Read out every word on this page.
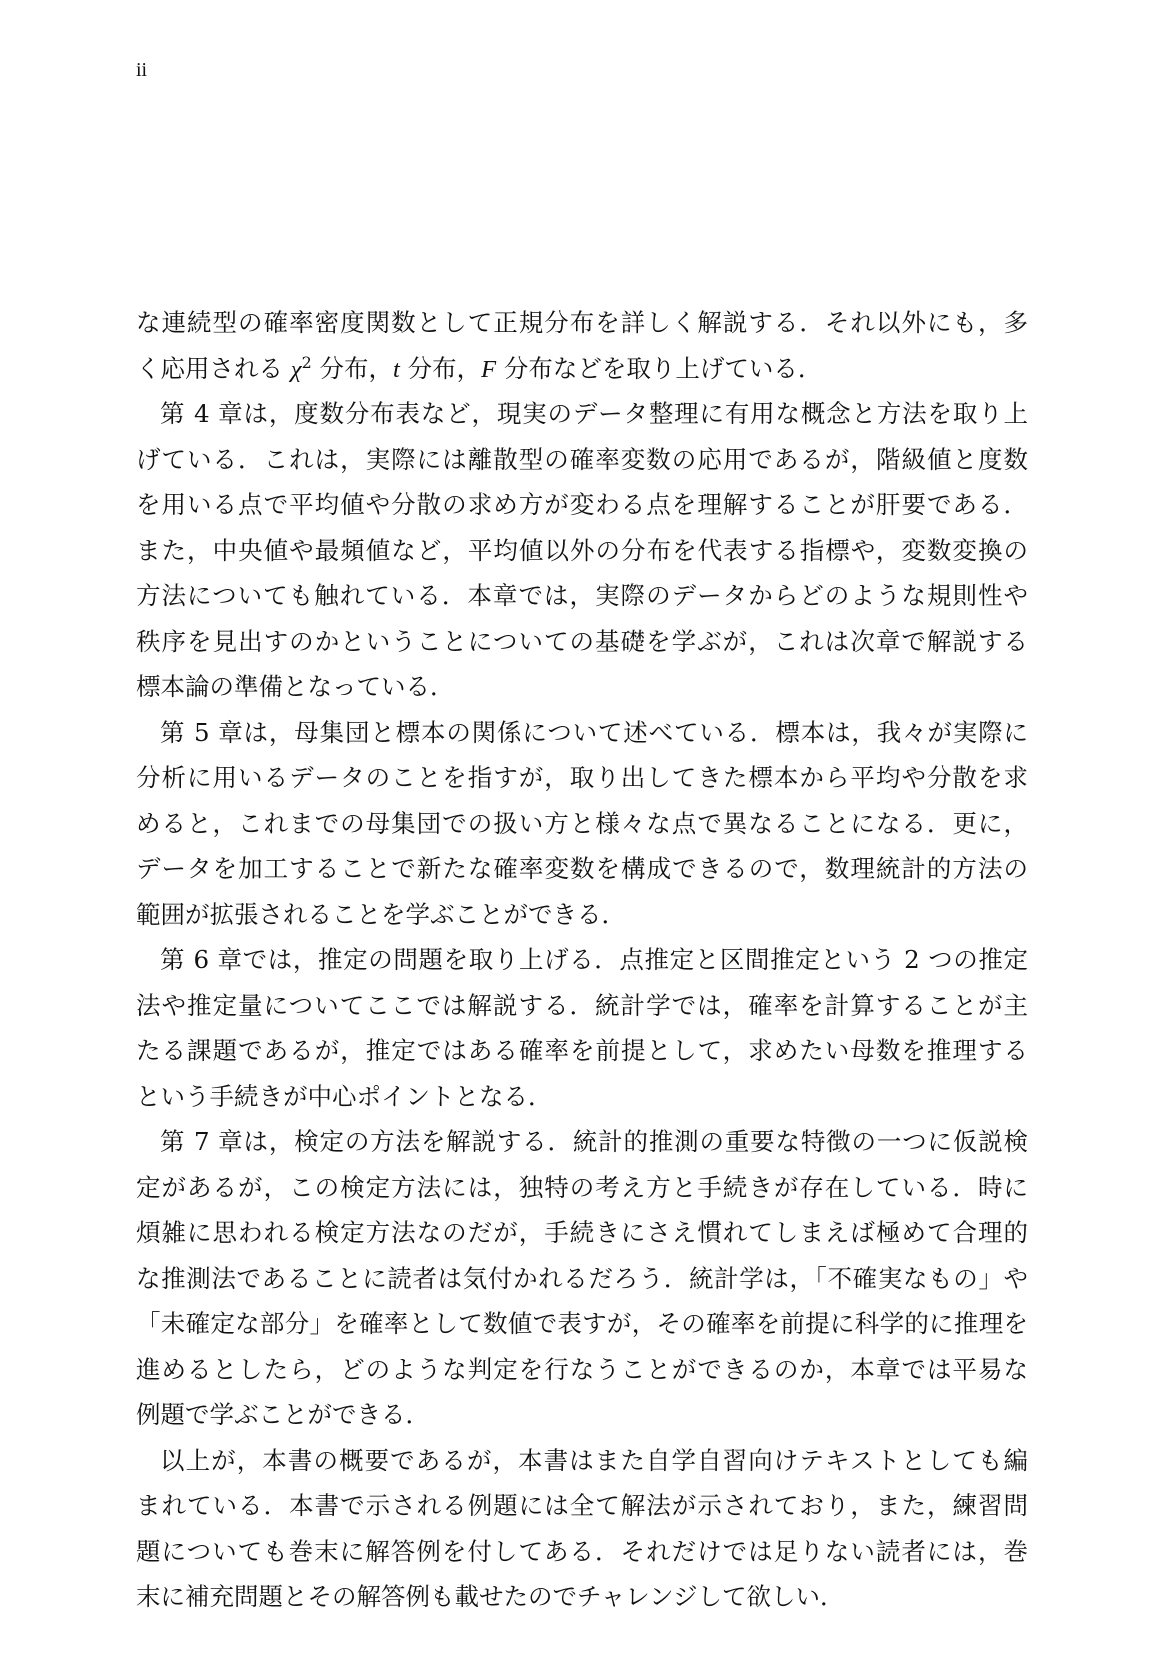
ii
な連続型の確率密度関数として正規分布を詳しく解説する．それ以外にも，多
く応用される $\chi^2$ 分布，t 分布，F 分布などを取り上げている．
第 4 章は，度数分布表など，現実のデータ整理に有用な概念と方法を取り上
げている．これは，実際には離散型の確率変数の応用であるが，階級値と度数
を用いる点で平均値や分散の求め方が変わる点を理解することが肝要である．
また，中央値や最頻値など，平均値以外の分布を代表する指標や，変数変換の
方法についても触れている．本章では，実際のデータからどのような規則性や
秩序を見出すのかということについての基礎を学ぶが，これは次章で解説する
標本論の準備となっている．
第 5 章は，母集団と標本の関係について述べている．標本は，我々が実際に
分析に用いるデータのことを指すが，取り出してきた標本から平均や分散を求
めると，これまでの母集団での扱い方と様々な点で異なることになる．更に，
データを加工することで新たな確率変数を構成できるので，数理統計的方法の
範囲が拡張されることを学ぶことができる．
第 6 章では，推定の問題を取り上げる．点推定と区間推定という 2 つの推定
法や推定量についてここでは解説する．統計学では，確率を計算することが主
たる課題であるが，推定ではある確率を前提として，求めたい母数を推理する
という手続きが中心ポイントとなる．
第 7 章は，検定の方法を解説する．統計的推測の重要な特徴の一つに仮説検
定があるが，この検定方法には，独特の考え方と手続きが存在している．時に
煩雑に思われる検定方法なのだが，手続きにさえ慣れてしまえば極めて合理的
な推測法であることに読者は気付かれるだろう．統計学は，「不確実なもの」や
「未確定な部分」を確率として数値で表すが，その確率を前提に科学的に推理を
進めるとしたら，どのような判定を行なうことができるのか，本章では平易な
例題で学ぶことができる．
以上が，本書の概要であるが，本書はまた自学自習向けテキストとしても編
まれている．本書で示される例題には全て解法が示されており，また，練習問
題についても巻末に解答例を付してある．それだけでは足りない読者には，巻
末に補充問題とその解答例も載せたのでチャレンジして欲しい．
